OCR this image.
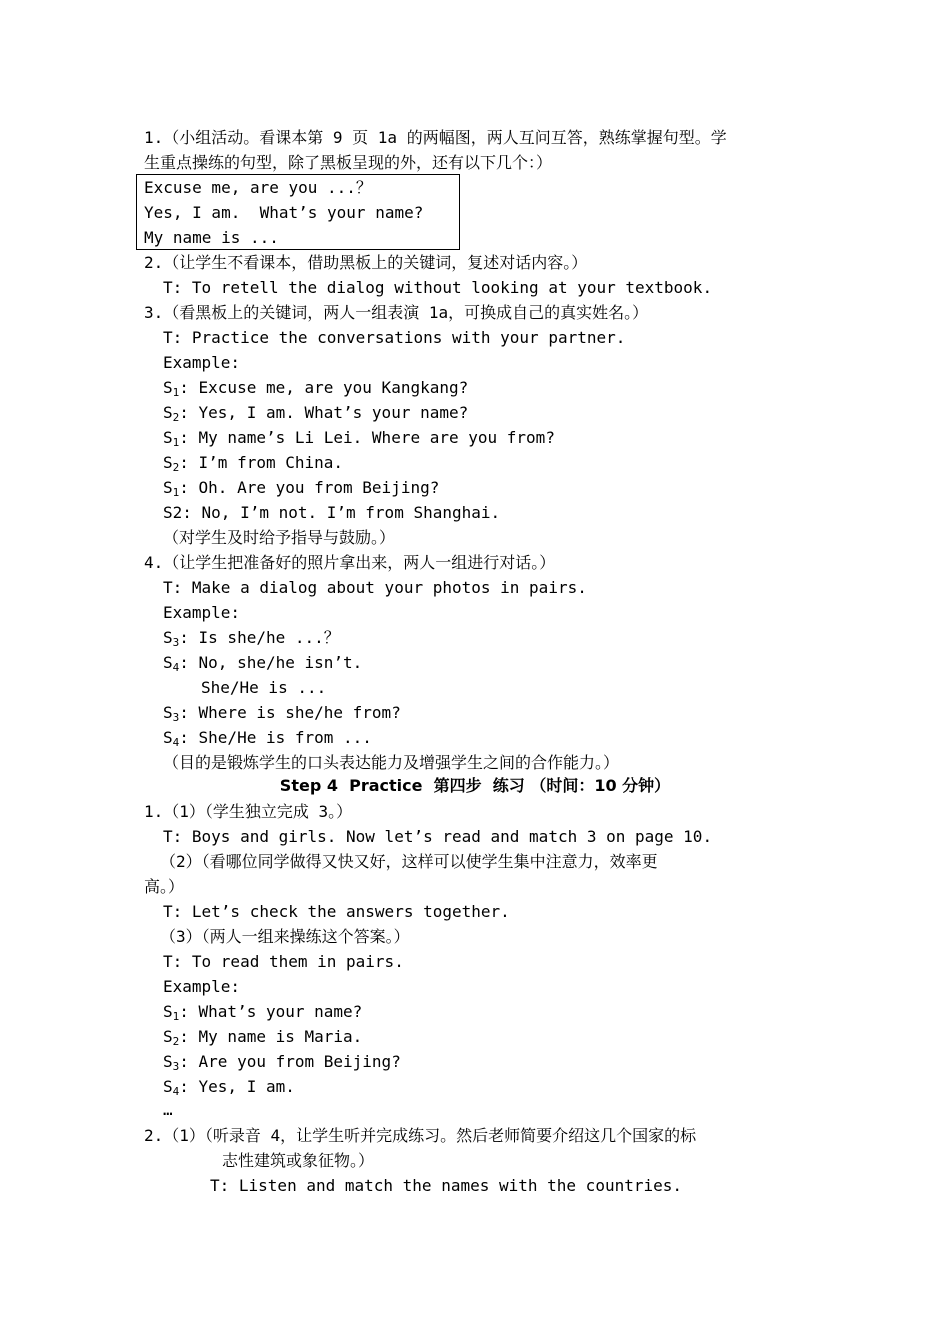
1.（小组活动。看课本第 9 页 1a 的两幅图，两人互问互答，熟练掌握句型。学
生重点操练的句型，除了黑板呈现的外，还有以下几个：）
Excuse me, are you ...？
Yes, I am.  What’s your name?
My name is ...
2.（让学生不看课本，借助黑板上的关键词，复述对话内容。）
T: To retell the dialog without looking at your textbook.
3.（看黑板上的关键词，两人一组表演 1a，可换成自己的真实姓名。）
T: Practice the conversations with your partner.
Example:
$S_1$: Excuse me, are you Kangkang?
$S_2$: Yes, I am. What’s your name?
$S_1$: My name’s Li Lei. Where are you from?
$S_2$: I’m from China.
$S_1$: Oh. Are you from Beijing?
S2: No, I’m not. I’m from Shanghai.
（对学生及时给予指导与鼓励。）
4.（让学生把准备好的照片拿出来，两人一组进行对话。）
T: Make a dialog about your photos in pairs.
Example:
$S_3$: Is she/he ...？
$S_4$: No, she/he isn’t.
She/He is ...
$S_3$: Where is she/he from?
$S_4$: She/He is from ...
（目的是锻炼学生的口头表达能力及增强学生之间的合作能力。）
Step 4  Practice  第四步  练习 （时间：10 分钟）
1.（1）（学生独立完成 3。）
T: Boys and girls. Now let’s read and match 3 on page 10.
（2）（看哪位同学做得又快又好，这样可以使学生集中注意力，效率更
高。）
T: Let’s check the answers together.
（3）（两人一组来操练这个答案。）
T: To read them in pairs.
Example:
$S_1$: What’s your name?
$S_2$: My name is Maria.
$S_3$: Are you from Beijing?
$S_4$: Yes, I am.
…
2.（1）（听录音 4，让学生听并完成练习。然后老师简要介绍这几个国家的标
志性建筑或象征物。）
T: Listen and match the names with the countries.
